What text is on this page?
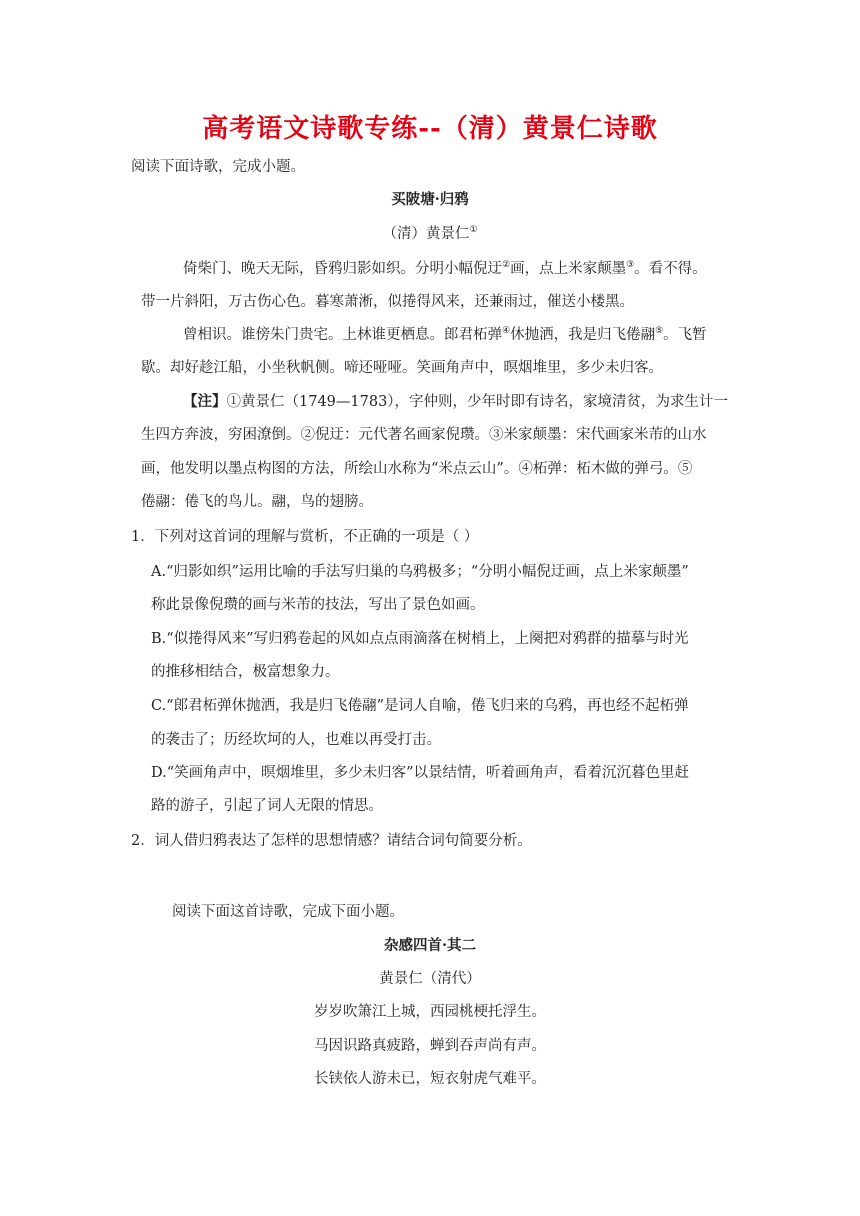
高考语文诗歌专练--（清）黄景仁诗歌
阅读下面诗歌，完成小题。
买陂塘·归鸦
（清）黄景仁①
倚柴门、晚天无际，昏鸦归影如织。分明小幅倪迂②画，点上米家颠墨③。看不得。
带一片斜阳，万古伤心色。暮寒萧淅，似捲得风来，还兼雨过，催送小楼黑。
曾相识。谁傍朱门贵宅。上林谁更栖息。郎君柘弹④休抛洒，我是归飞倦翮⑤。飞暂
歇。却好趁江船，小坐秋帆侧。啼还哑哑。笑画角声中，暝烟堆里，多少未归客。
【注】①黄景仁（1749—1783），字仲则，少年时即有诗名，家境清贫，为求生计一
生四方奔波，穷困潦倒。②倪迂：元代著名画家倪瓒。③米家颠墨：宋代画家米芾的山水
画，他发明以墨点构图的方法，所绘山水称为“米点云山”。④柘弹：柘木做的弹弓。⑤
倦翮：倦飞的鸟儿。翮，鸟的翅膀。
1．下列对这首词的理解与赏析，不正确的一项是（ ）
A.“归影如织”运用比喻的手法写归巢的乌鸦极多；“分明小幅倪迂画，点上米家颠墨”
称此景像倪瓒的画与米芾的技法，写出了景色如画。
B.“似捲得风来”写归鸦卷起的风如点点雨滴落在树梢上，上阕把对鸦群的描摹与时光
的推移相结合，极富想象力。
C.“郎君柘弹休抛洒，我是归飞倦翮”是词人自喻，倦飞归来的乌鸦，再也经不起柘弹
的袭击了；历经坎坷的人，也难以再受打击。
D.“笑画角声中，暝烟堆里，多少未归客”以景结情，听着画角声，看着沉沉暮色里赶
路的游子，引起了词人无限的情思。
2．词人借归鸦表达了怎样的思想情感？请结合词句简要分析。
阅读下面这首诗歌，完成下面小题。
杂感四首·其二
黄景仁（清代）
岁岁吹箫江上城，西园桃梗托浮生。
马因识路真疲路，蝉到吞声尚有声。
长铗依人游未已，短衣射虎气难平。
